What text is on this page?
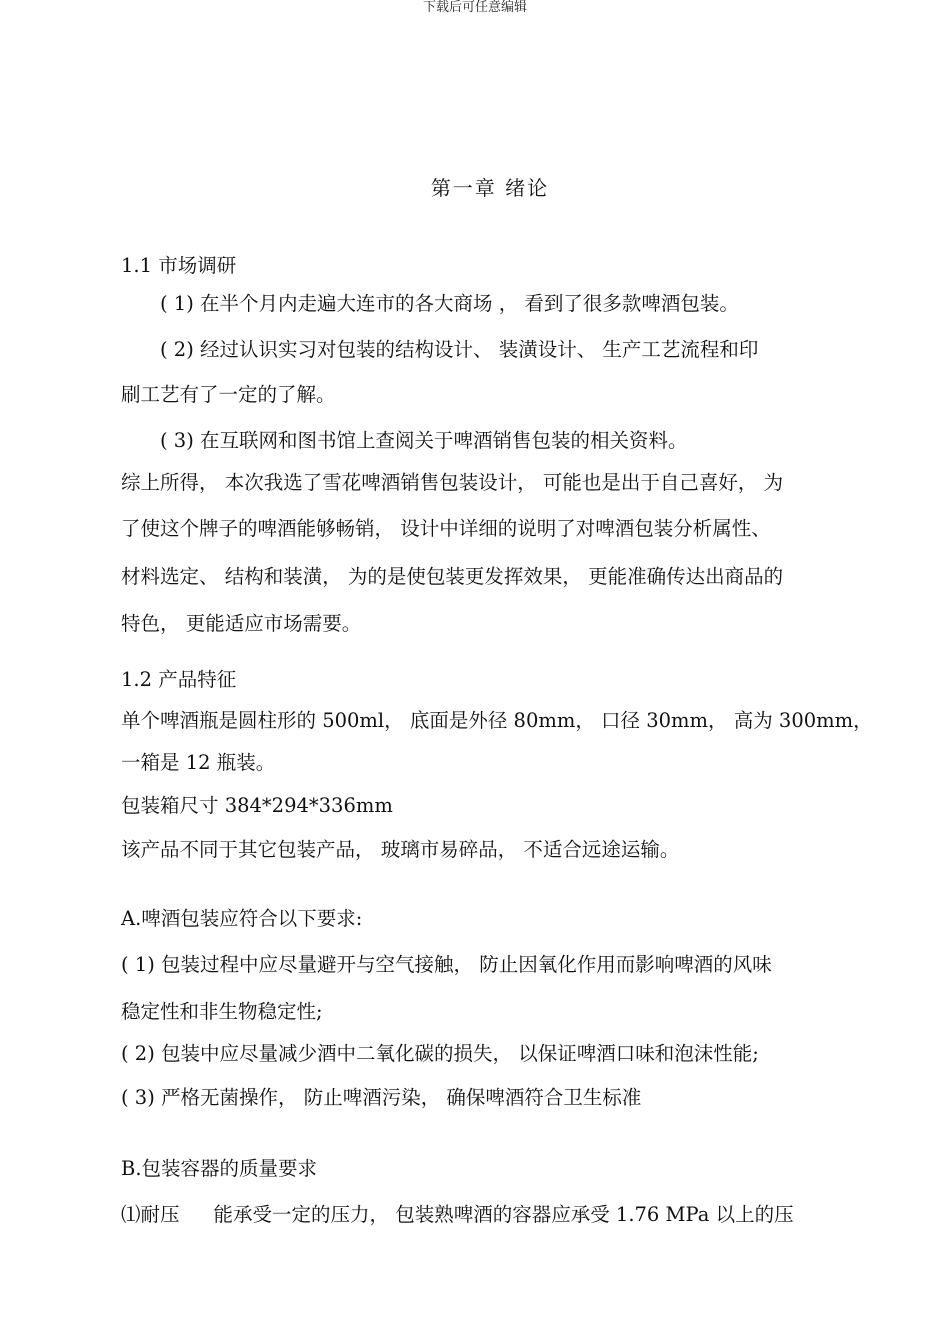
下载后可任意编辑
第一章 绪论
1.1 市场调研
( 1) 在半个月内走遍大连市的各大商场 ， 看到了很多款啤酒包装。
( 2) 经过认识实习对包装的结构设计、 装潢设计、 生产工艺流程和印
刷工艺有了一定的了解。
( 3) 在互联网和图书馆上查阅关于啤酒销售包装的相关资料。
综上所得， 本次我选了雪花啤酒销售包装设计， 可能也是出于自己喜好， 为
了使这个牌子的啤酒能够畅销， 设计中详细的说明了对啤酒包装分析属性、
材料选定、 结构和装潢， 为的是使包装更发挥效果， 更能准确传达出商品的
特色， 更能适应市场需要。
1.2 产品特征
单个啤酒瓶是圆柱形的 500ml， 底面是外径 80mm， 口径 30mm， 高为 300mm，
一箱是 12 瓶装。
包装箱尺寸 384*294*336mm
该产品不同于其它包装产品， 玻璃市易碎品， 不适合远途运输。
A.啤酒包装应符合以下要求:
( 1) 包装过程中应尽量避开与空气接触， 防止因氧化作用而影响啤酒的风味
稳定性和非生物稳定性;
( 2) 包装中应尽量减少酒中二氧化碳的损失， 以保证啤酒口味和泡沫性能;
( 3) 严格无菌操作， 防止啤酒污染， 确保啤酒符合卫生标准
B.包装容器的质量要求
⑴耐压 能承受一定的压力， 包装熟啤酒的容器应承受 1.76 MPa 以上的压
